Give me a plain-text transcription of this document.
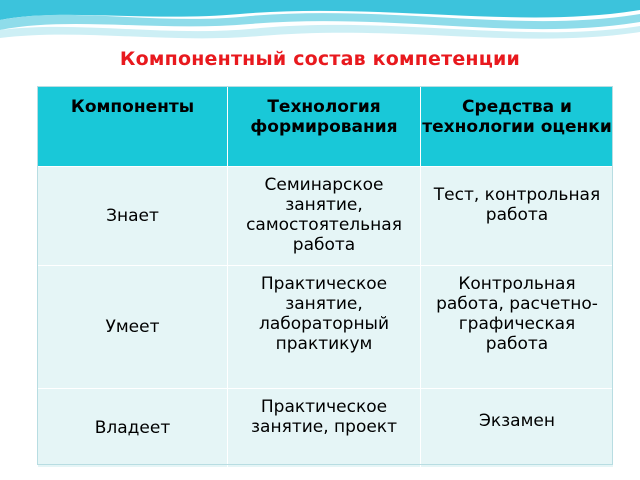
Компонентный состав компетенции
Компоненты	Технология формирования	Средства и технологии оценки

Знает	Семинарское занятие, самостоятельная работа	Тест, контрольная работа

Умеет	Практическое занятие, лабораторный практикум	Контрольная работа, расчетно-графическая работа

Владеет	Практическое занятие, проект	Экзамен
